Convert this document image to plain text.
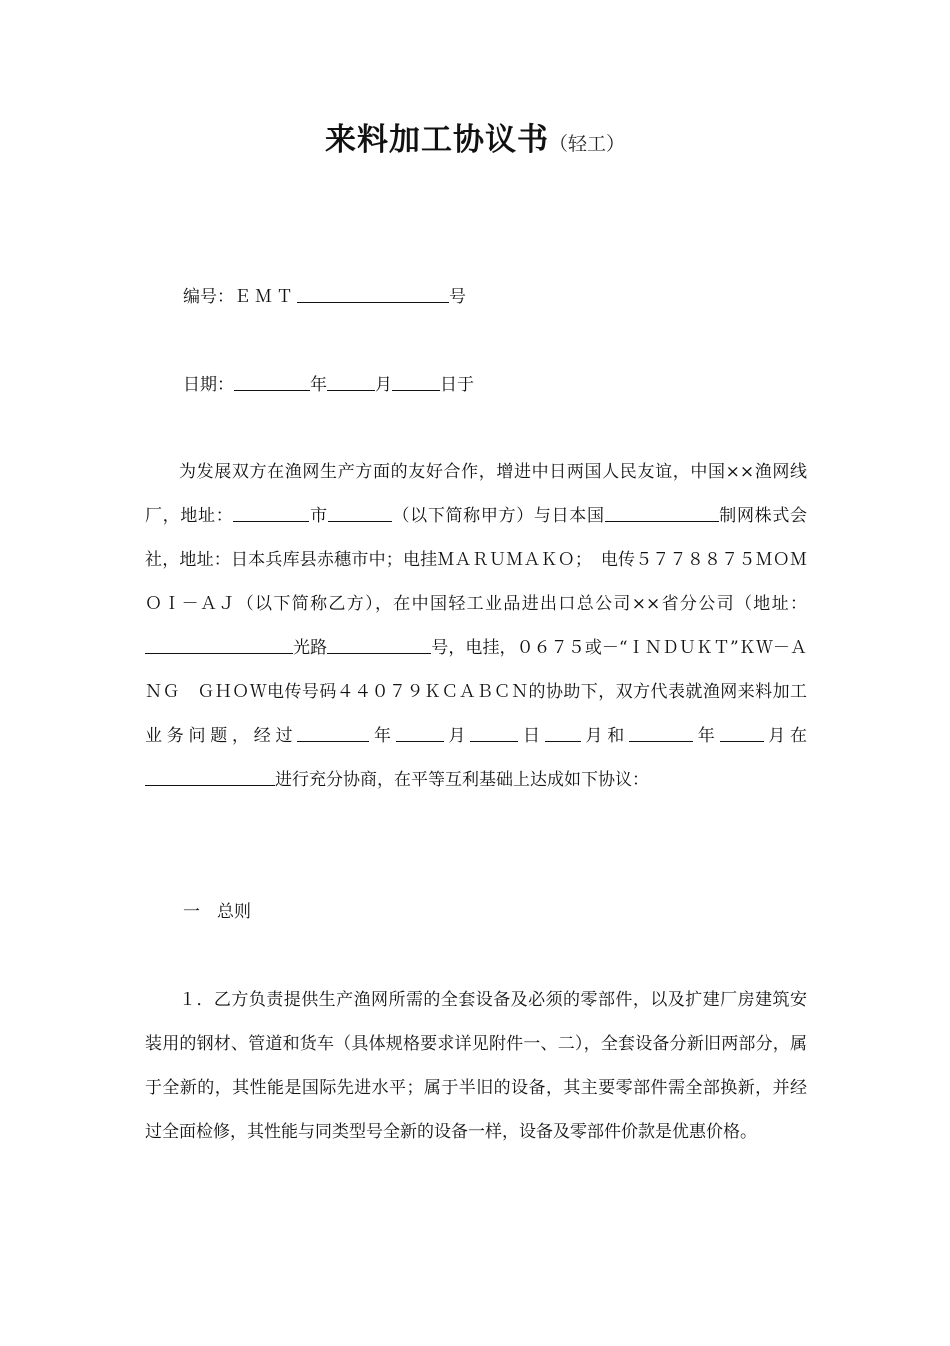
来料加工协议书（轻工）
编号：ＥＭＴ	号
日期：	年	月	日于
为发展双方在渔网生产方面的友好合作，增进中日两国人民友谊，中国××渔网线厂，地址：	市	（以下简称甲方）与日本国	制网株式会社，地址：日本兵库县赤穗市中；电挂ＭＡＲＵＭＡＫＯ；　电传５７７８８７５ＭＯＭＯＩ－ＡＪ（以下简称乙方），在中国轻工业品进出口总公司××省分公司（地址：光路	号，电挂，０６７５或－“ＩＮＤＵＫＴ”ＫＷ－ＡＮＧ　ＧＨＯＷ电传号码４４０７９ＫＣＡＢＣＮ的协助下，双方代表就渔网来料加工业务问题，经过	年	月	日 月和	年	月在进行充分协商，在平等互利基础上达成如下协议：
一　总则
１．乙方负责提供生产渔网所需的全套设备及必须的零部件，以及扩建厂房建筑安装用的钢材、管道和货车（具体规格要求详见附件一、二），全套设备分新旧两部分，属于全新的，其性能是国际先进水平；属于半旧的设备，其主要零部件需全部换新，并经过全面检修，其性能与同类型号全新的设备一样，设备及零部件价款是优惠价格。
